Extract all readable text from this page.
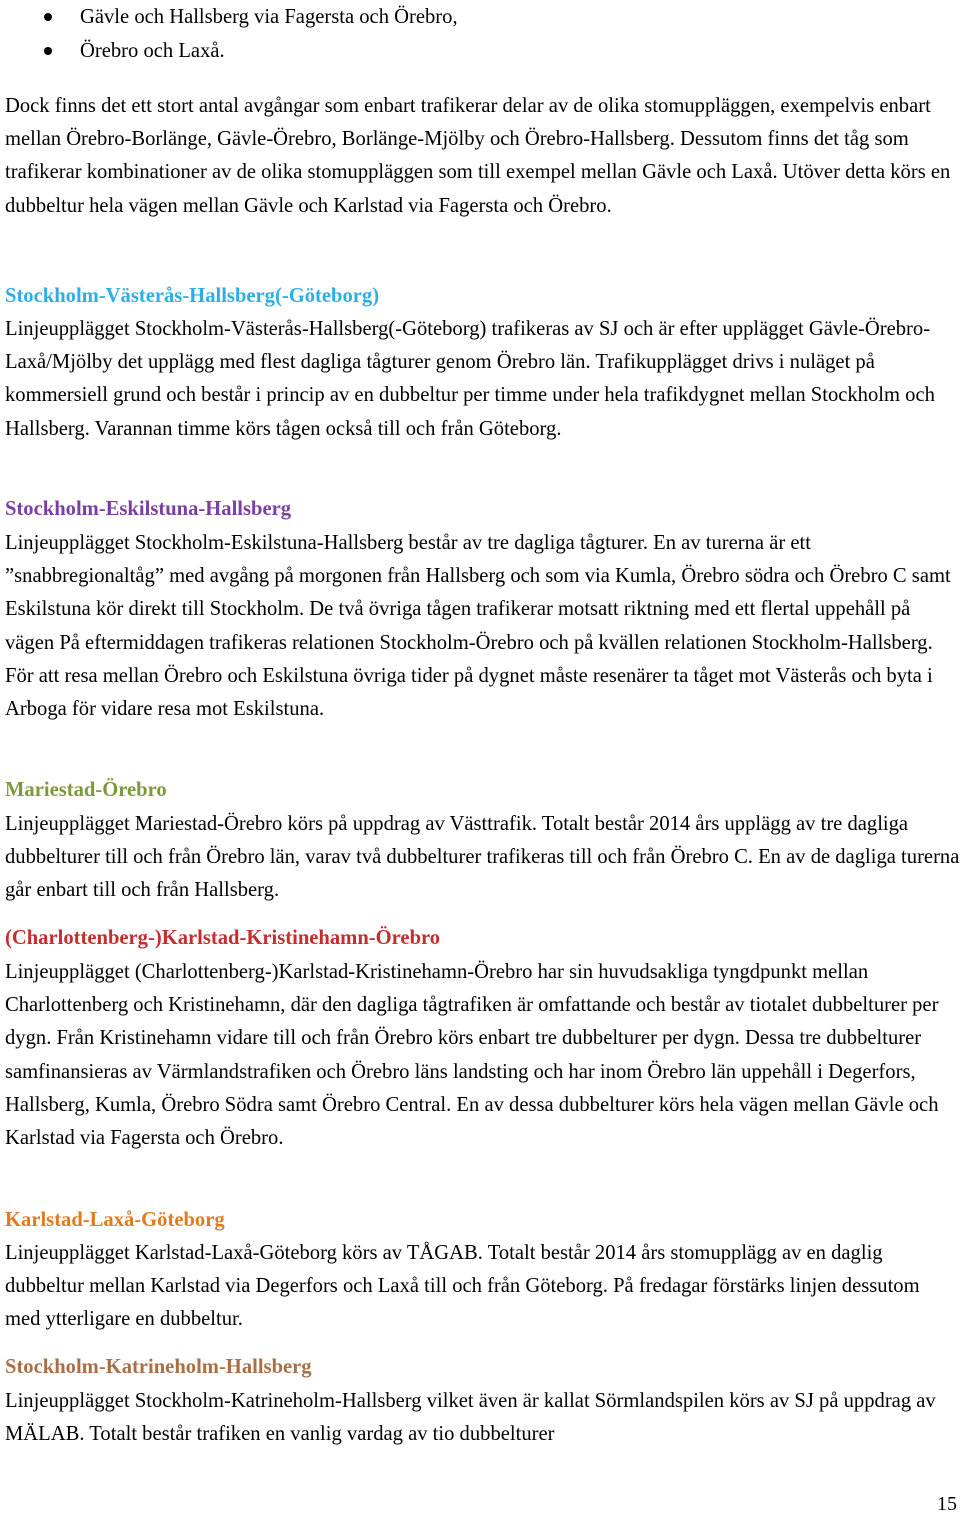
Gävle och Hallsberg via Fagersta och Örebro,
Örebro och Laxå.

Dock finns det ett stort antal avgångar som enbart trafikerar delar av de olika stomuppläggen, exempelvis enbart mellan Örebro-Borlänge, Gävle-Örebro, Borlänge-Mjölby och Örebro-Hallsberg. Dessutom finns det tåg som trafikerar kombinationer av de olika stomuppläggen som till exempel mellan Gävle och Laxå. Utöver detta körs en dubbeltur hela vägen mellan Gävle och Karlstad via Fagersta och Örebro.

Stockholm-Västerås-Hallsberg(-Göteborg)

Linjeupplägget Stockholm-Västerås-Hallsberg(-Göteborg) trafikeras av SJ och är efter upplägget Gävle-Örebro-Laxå/Mjölby det upplägg med flest dagliga tågturer genom Örebro län. Trafikupplägget drivs i nuläget på kommersiell grund och består i princip av en dubbeltur per timme under hela trafikdygnet mellan Stockholm och Hallsberg. Varannan timme körs tågen också till och från Göteborg.

Stockholm-Eskilstuna-Hallsberg

Linjeupplägget Stockholm-Eskilstuna-Hallsberg består av tre dagliga tågturer. En av turerna är ett ”snabbregionaltåg” med avgång på morgonen från Hallsberg och som via Kumla, Örebro södra och Örebro C samt Eskilstuna kör direkt till Stockholm. De två övriga tågen trafikerar motsatt riktning med ett flertal uppehåll på vägen På eftermiddagen trafikeras relationen Stockholm-Örebro och på kvällen relationen Stockholm-Hallsberg. För att resa mellan Örebro och Eskilstuna övriga tider på dygnet måste resenärer ta tåget mot Västerås och byta i Arboga för vidare resa mot Eskilstuna.

Mariestad-Örebro

Linjeupplägget Mariestad-Örebro körs på uppdrag av Västtrafik. Totalt består 2014 års upplägg av tre dagliga dubbelturer till och från Örebro län, varav två dubbelturer trafikeras till och från Örebro C. En av de dagliga turerna går enbart till och från Hallsberg.

(Charlottenberg-)Karlstad-Kristinehamn-Örebro

Linjeupplägget (Charlottenberg-)Karlstad-Kristinehamn-Örebro har sin huvudsakliga tyngdpunkt mellan Charlottenberg och Kristinehamn, där den dagliga tågtrafiken är omfattande och består av tiotalet dubbelturer per dygn. Från Kristinehamn vidare till och från Örebro körs enbart tre dubbelturer per dygn. Dessa tre dubbelturer samfinansieras av Värmlandstrafiken och Örebro läns landsting och har inom Örebro län uppehåll i Degerfors, Hallsberg, Kumla, Örebro Södra samt Örebro Central. En av dessa dubbelturer körs hela vägen mellan Gävle och Karlstad via Fagersta och Örebro.

Karlstad-Laxå-Göteborg

Linjeupplägget Karlstad-Laxå-Göteborg körs av TÅGAB. Totalt består 2014 års stomupplägg av en daglig dubbeltur mellan Karlstad via Degerfors och Laxå till och från Göteborg. På fredagar förstärks linjen dessutom med ytterligare en dubbeltur.

Stockholm-Katrineholm-Hallsberg

Linjeupplägget Stockholm-Katrineholm-Hallsberg vilket även är kallat Sörmlandspilen körs av SJ på uppdrag av MÄLAB. Totalt består trafiken en vanlig vardag av tio dubbelturer

15
